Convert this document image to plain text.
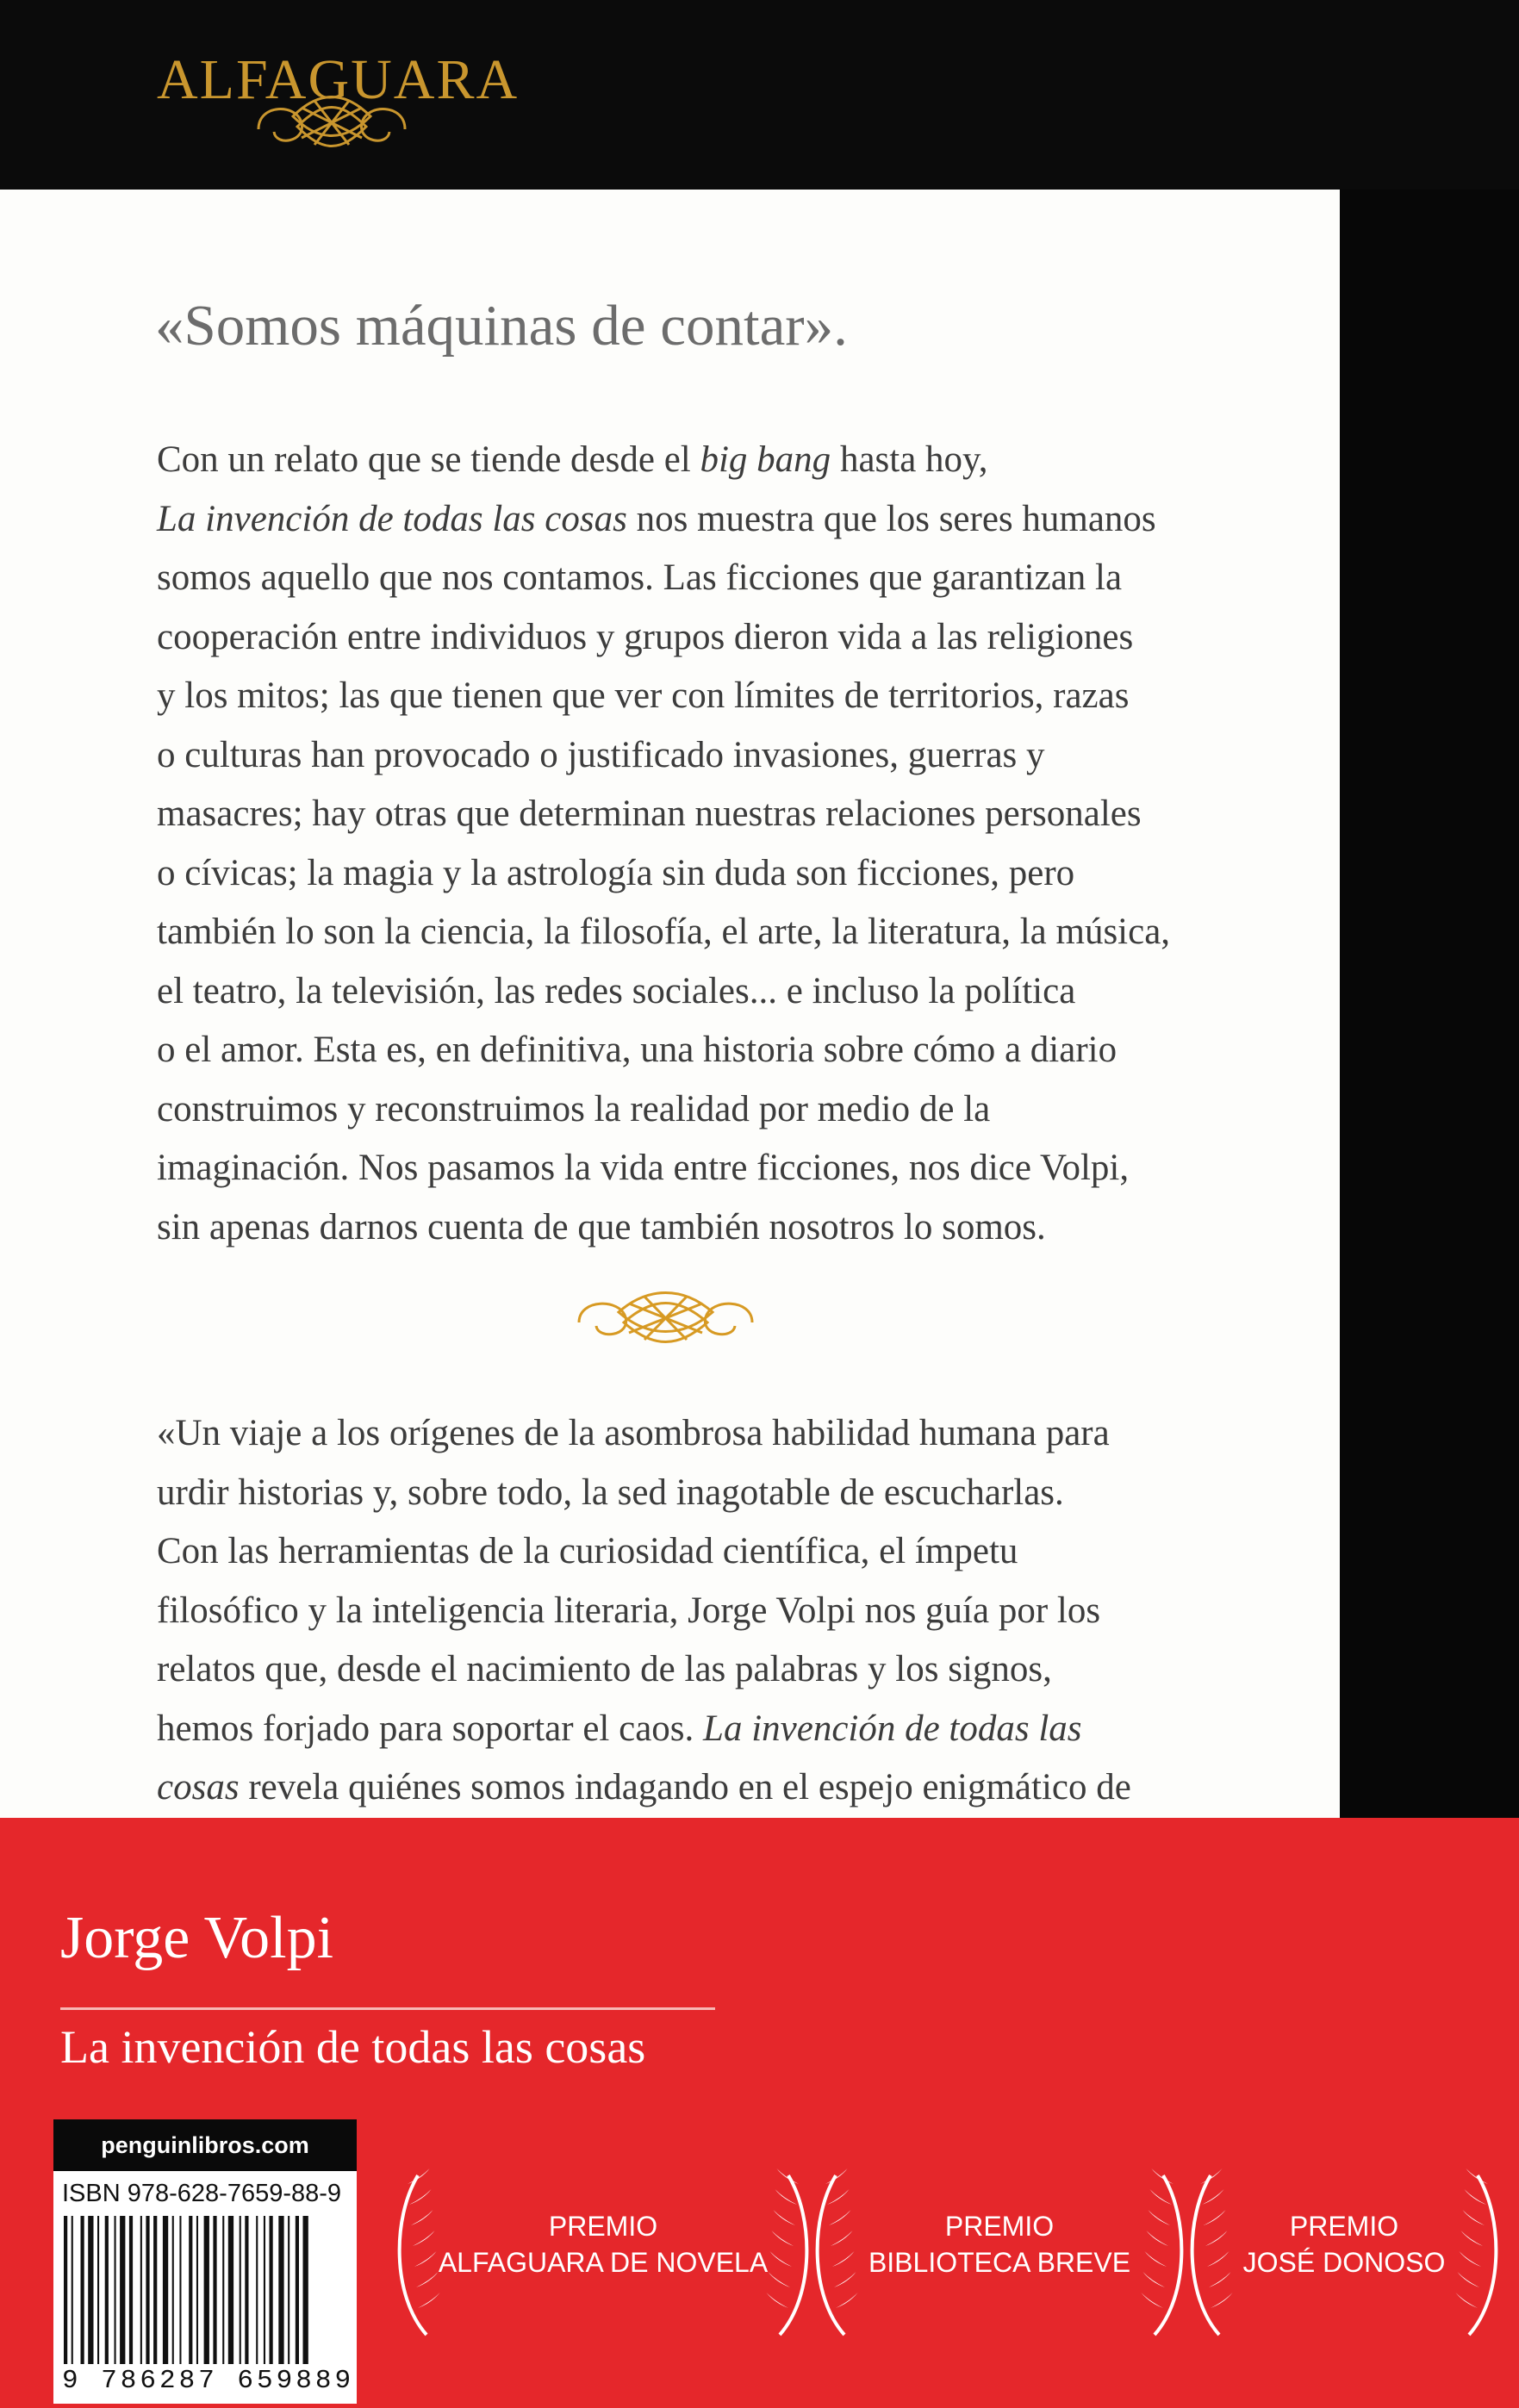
ALFAGUARA
«Somos máquinas de contar».
Con un relato que se tiende desde el big bang hasta hoy,
La invención de todas las cosas nos muestra que los seres humanos
somos aquello que nos contamos. Las ficciones que garantizan la
cooperación entre individuos y grupos dieron vida a las religiones
y los mitos; las que tienen que ver con límites de territorios, razas
o culturas han provocado o justificado invasiones, guerras y
masacres; hay otras que determinan nuestras relaciones personales
o cívicas; la magia y la astrología sin duda son ficciones, pero
también lo son la ciencia, la filosofía, el arte, la literatura, la música,
el teatro, la televisión, las redes sociales... e incluso la política
o el amor. Esta es, en definitiva, una historia sobre cómo a diario
construimos y reconstruimos la realidad por medio de la
imaginación. Nos pasamos la vida entre ficciones, nos dice Volpi,
sin apenas darnos cuenta de que también nosotros lo somos.
«Un viaje a los orígenes de la asombrosa habilidad humana para
urdir historias y, sobre todo, la sed inagotable de escucharlas.
Con las herramientas de la curiosidad científica, el ímpetu
filosófico y la inteligencia literaria, Jorge Volpi nos guía por los
relatos que, desde el nacimiento de las palabras y los signos,
hemos forjado para soportar el caos. La invención de todas las
cosas revela quiénes somos indagando en el espejo enigmático de
Jorge Volpi
La invención de todas las cosas
penguinlibros.com
ISBN 978-628-7659-88-9
9 786287 659889
PREMIO
ALFAGUARA DE NOVELA
PREMIO
BIBLIOTECA BREVE
PREMIO
JOSÉ DONOSO
